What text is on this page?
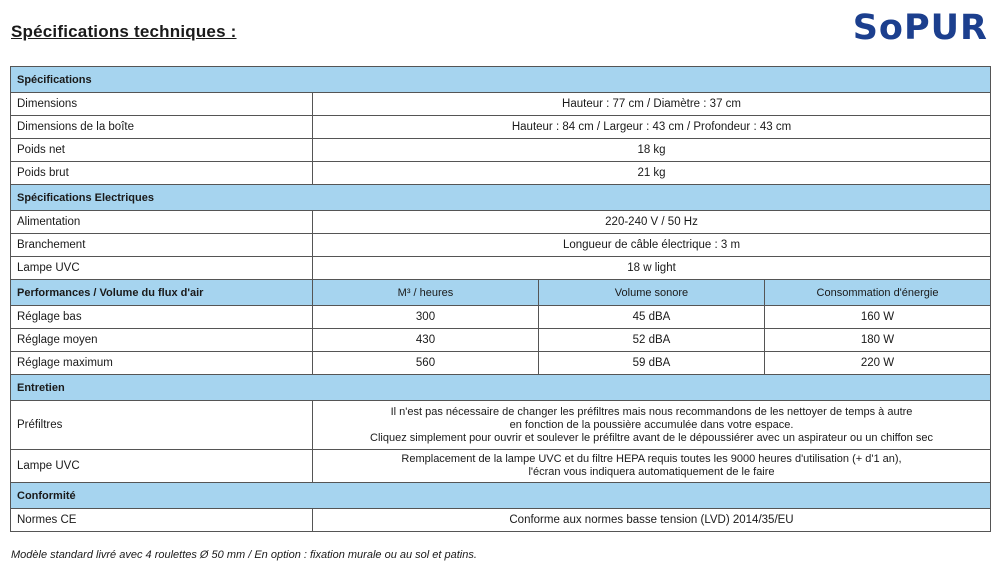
Spécifications techniques :	SoPUR
Spécifications			
Dimensions	Hauteur : 77 cm / Diamètre : 37 cm		
Dimensions de la boîte	Hauteur : 84 cm / Largeur : 43 cm / Profondeur : 43 cm		
Poids net	18 kg		
Poids brut	21 kg		
Spécifications Electriques			
Alimentation	220-240 V / 50 Hz		
Branchement	Longueur de câble électrique : 3 m		
Lampe UVC	18 w light		
Performances / Volume du flux d'air	M³ / heures	Volume sonore	Consommation d'énergie
Réglage bas	300	45 dBA	160 W
Réglage moyen	430	52 dBA	180 W
Réglage maximum	560	59 dBA	220 W
Entretien			
Préfiltres	Il n'est pas nécessaire de changer les préfiltres mais nous recommandons de les nettoyer de temps à autre
en fonction de la poussière accumulée dans votre espace.
Cliquez simplement pour ouvrir et soulever le préfiltre avant de le dépoussiérer avec un aspirateur ou un chiffon sec		

Lampe UVC	Remplacement de la lampe UVC et du filtre HEPA requis toutes les 9000 heures d'utilisation (+ d'1 an),
l'écran vous indiquera automatiquement de le faire		

Conformité			
Normes CE	Conforme aux normes basse tension (LVD) 2014/35/EU		
Modèle standard livré avec 4 roulettes Ø 50 mm / En option : fixation murale ou au sol et patins.
